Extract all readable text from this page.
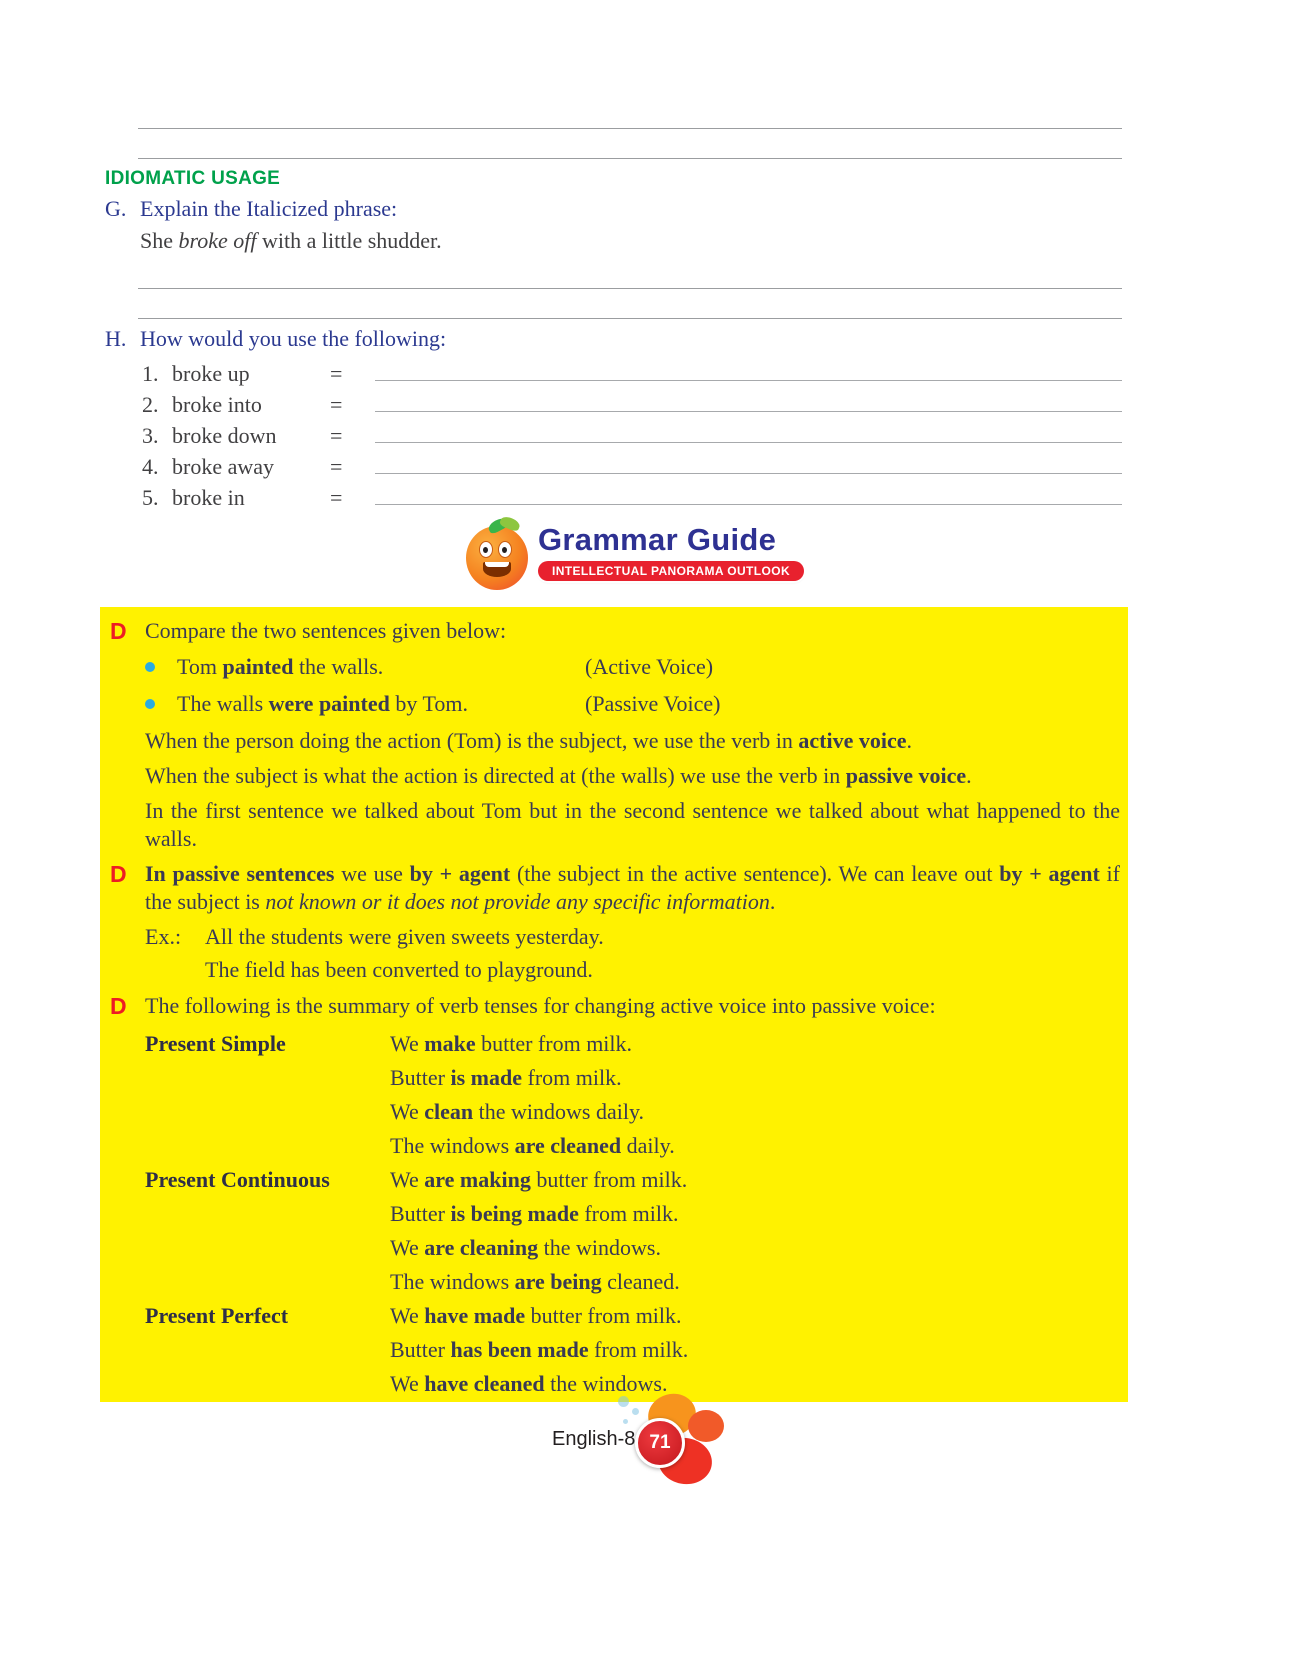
IDIOMATIC USAGE
G. Explain the Italicized phrase:
She broke off with a little shudder.
H. How would you use the following:
1. broke up	=
2. broke into	=
3. broke down	=
4. broke away	=
5. broke in	=
Grammar Guide
INTELLECTUAL PANORAMA OUTLOOK
D Compare the two sentences given below:
Tom painted the walls.	(Active Voice)
The walls were painted by Tom.	(Passive Voice)
When the person doing the action (Tom) is the subject, we use the verb in active voice.
When the subject is what the action is directed at (the walls) we use the verb in passive voice.
In the first sentence we talked about Tom but in the second sentence we talked about what happened to the walls.
D In passive sentences we use by + agent (the subject in the active sentence). We can leave out by + agent if the subject is not known or it does not provide any specific information.
Ex.:	All the students were given sweets yesterday.
The field has been converted to playground.
D The following is the summary of verb tenses for changing active voice into passive voice:
Present Simple	We make butter from milk.
Butter is made from milk.
We clean the windows daily.
The windows are cleaned daily.
Present Continuous	We are making butter from milk.
Butter is being made from milk.
We are cleaning the windows.
The windows are being cleaned.
Present Perfect	We have made butter from milk.
Butter has been made from milk.
We have cleaned the windows.
English-8 71
